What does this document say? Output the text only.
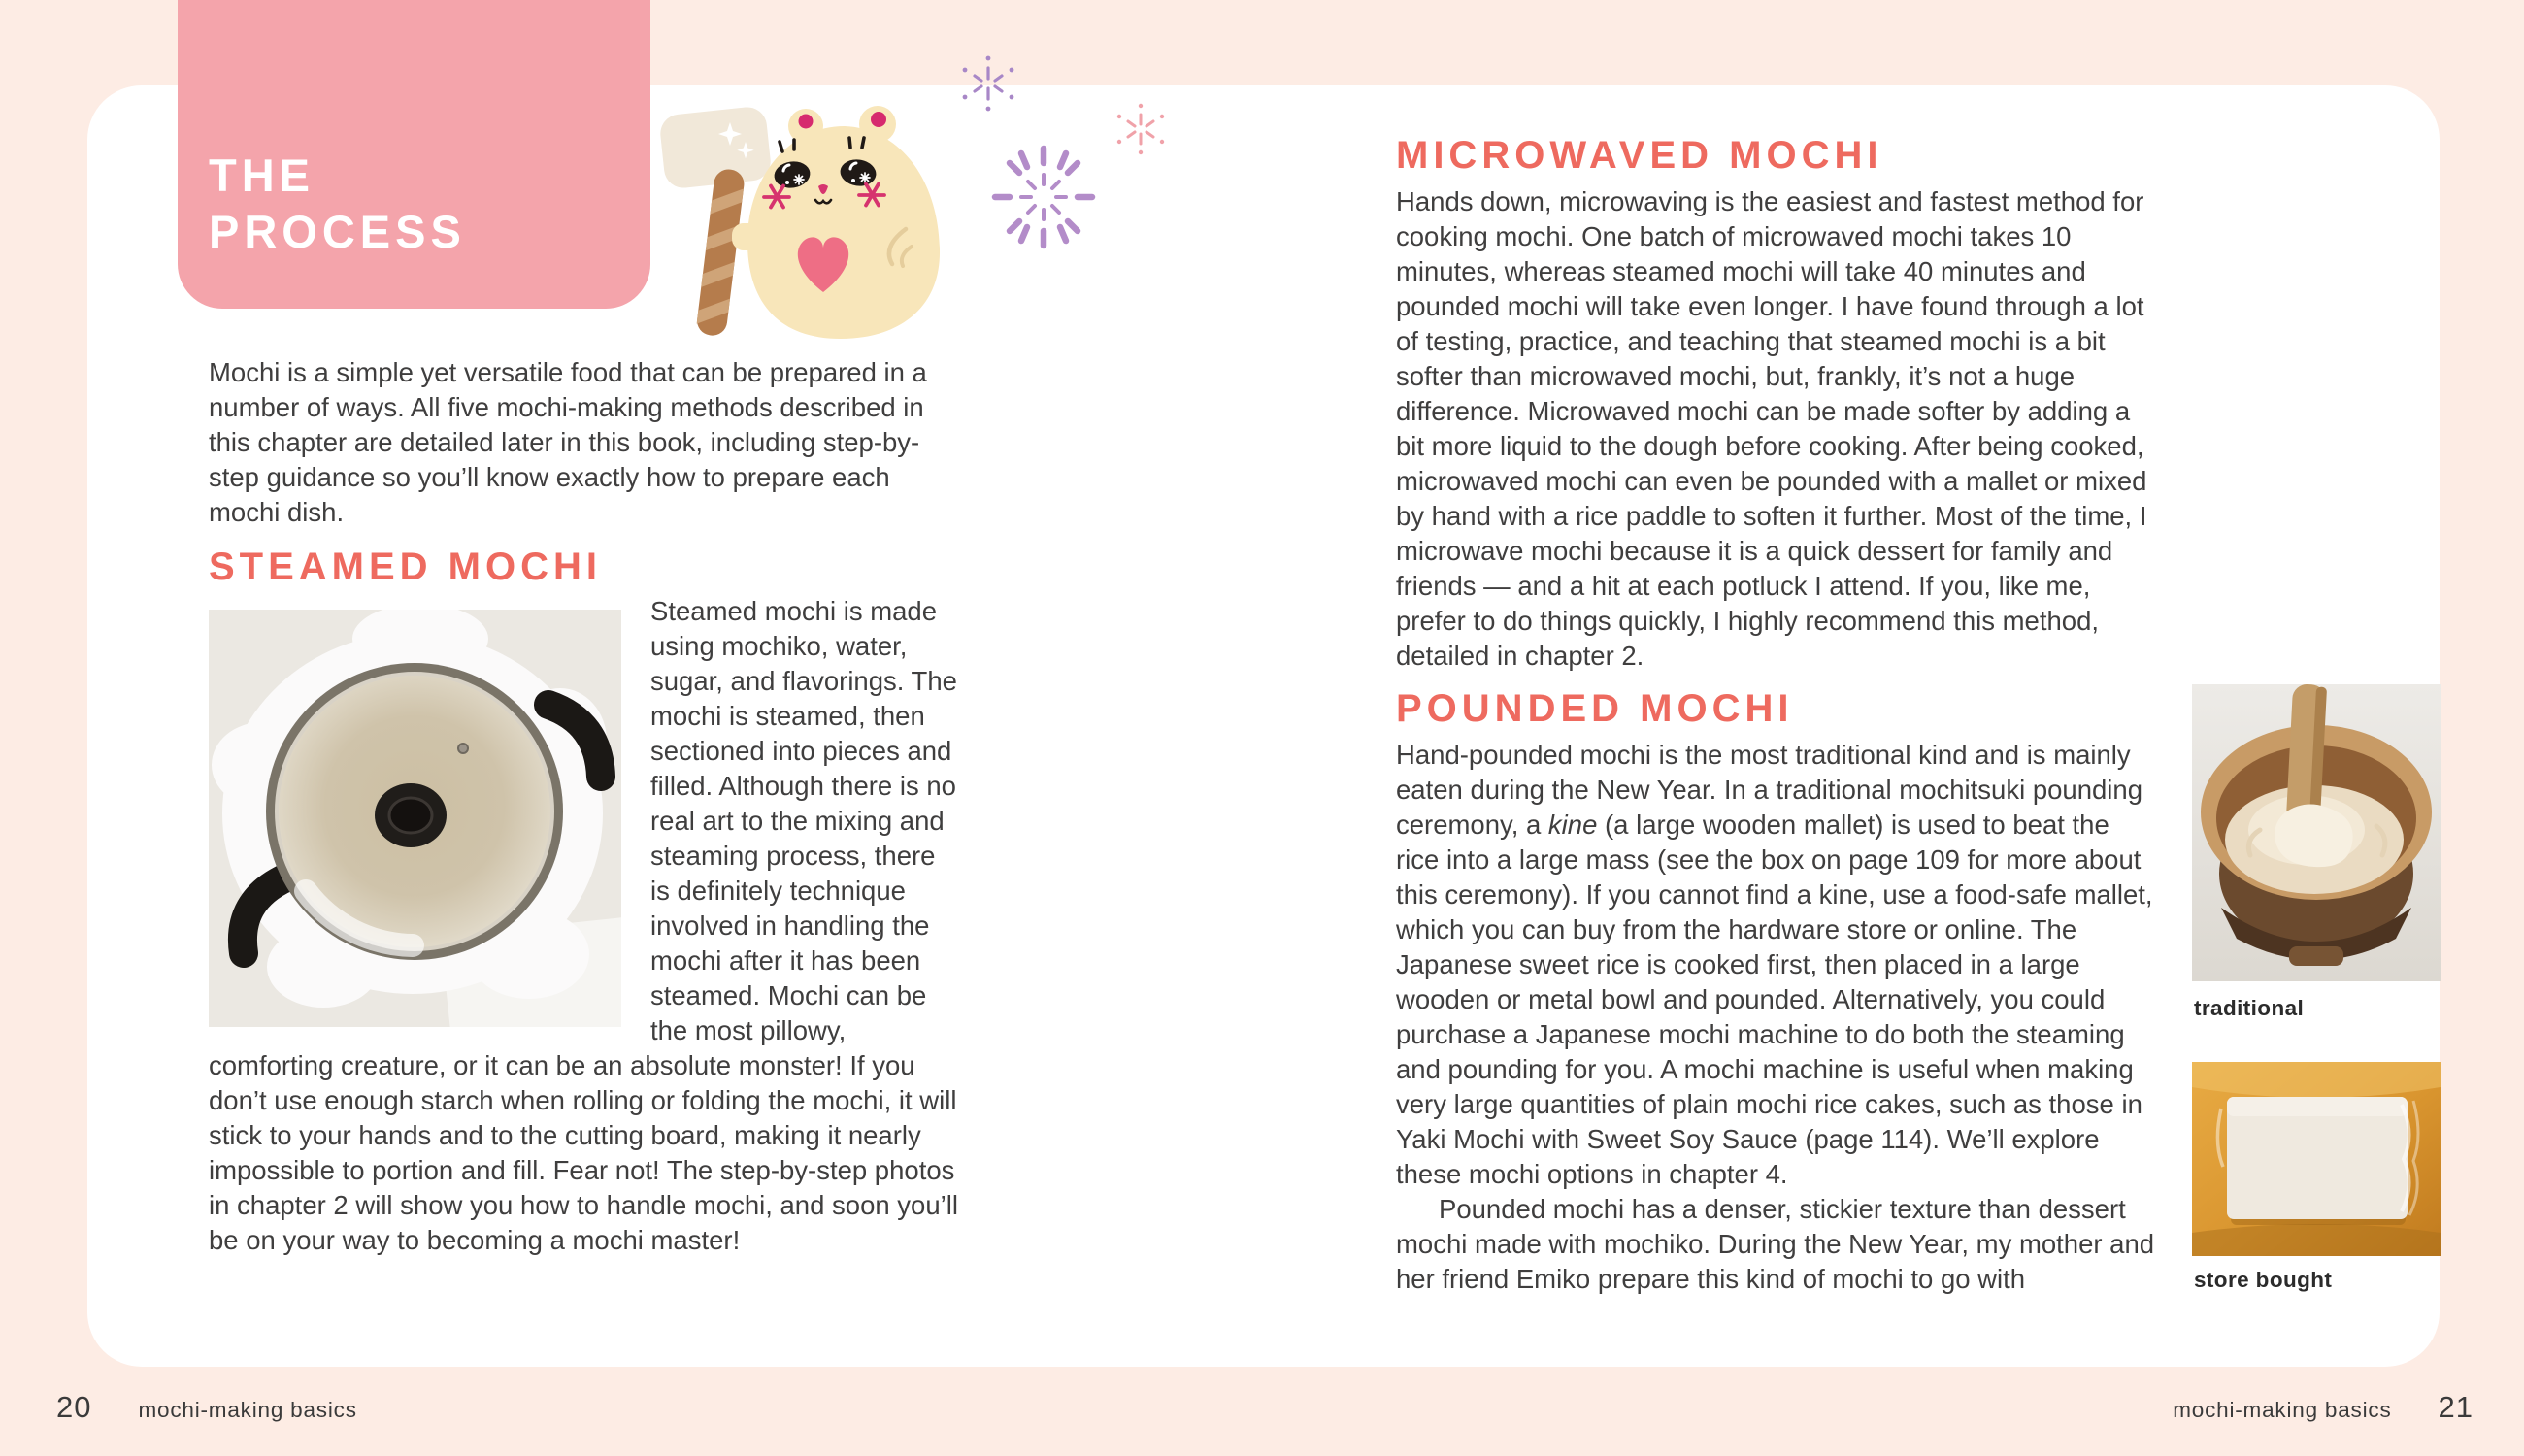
THE
PROCESS

Mochi is a simple yet versatile food that can be prepared in a number of ways. All five mochi-making methods described in this chapter are detailed later in this book, including step-by-step guidance so you’ll know exactly how to prepare each mochi dish.

STEAMED MOCHI

Steamed mochi is made using mochiko, water, sugar, and flavorings. The mochi is steamed, then sectioned into pieces and filled. Although there is no real art to the mixing and steaming process, there is definitely technique involved in handling the mochi after it has been steamed. Mochi can be the most pillowy, comforting creature, or it can be an absolute monster! If you don’t use enough starch when rolling or folding the mochi, it will stick to your hands and to the cutting board, making it nearly impossible to portion and fill. Fear not! The step-by-step photos in chapter 2 will show you how to handle mochi, and soon you’ll be on your way to becoming a mochi master!

MICROWAVED MOCHI

Hands down, microwaving is the easiest and fastest method for cooking mochi. One batch of microwaved mochi takes 10 minutes, whereas steamed mochi will take 40 minutes and pounded mochi will take even longer. I have found through a lot of testing, practice, and teaching that steamed mochi is a bit softer than microwaved mochi, but, frankly, it’s not a huge difference. Microwaved mochi can be made softer by adding a bit more liquid to the dough before cooking. After being cooked, microwaved mochi can even be pounded with a mallet or mixed by hand with a rice paddle to soften it further. Most of the time, I microwave mochi because it is a quick dessert for family and friends — and a hit at each potluck I attend. If you, like me, prefer to do things quickly, I highly recommend this method, detailed in chapter 2.

POUNDED MOCHI

Hand-pounded mochi is the most traditional kind and is mainly eaten during the New Year. In a traditional mochitsuki pounding ceremony, a kine (a large wooden mallet) is used to beat the rice into a large mass (see the box on page 109 for more about this ceremony). If you cannot find a kine, use a food-safe mallet, which you can buy from the hardware store or online. The Japanese sweet rice is cooked first, then placed in a large wooden or metal bowl and pounded. Alternatively, you could purchase a Japanese mochi machine to do both the steaming and pounding for you. A mochi machine is useful when making very large quantities of plain mochi rice cakes, such as those in Yaki Mochi with Sweet Soy Sauce (page 114). We’ll explore these mochi options in chapter 4.
Pounded mochi has a denser, stickier texture than dessert mochi made with mochiko. During the New Year, my mother and her friend Emiko prepare this kind of mochi to go with

traditional

store bought

20 mochi-making basics	mochi-making basics 21
